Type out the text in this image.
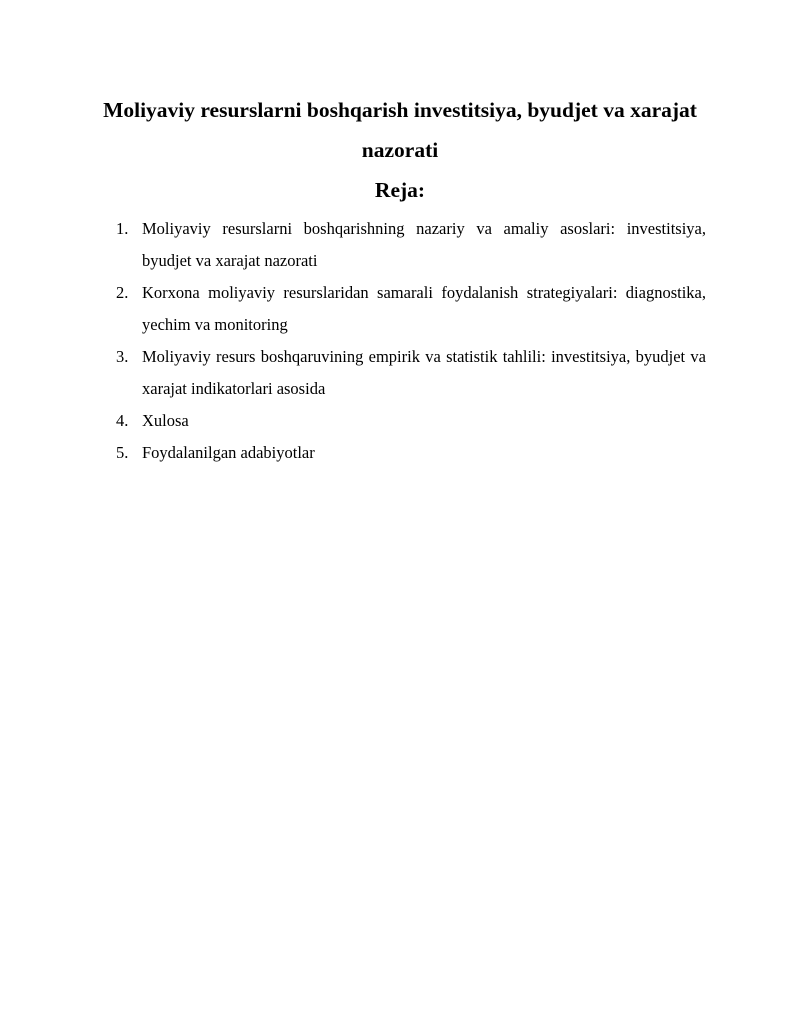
Moliyaviy resurslarni boshqarish investitsiya, byudjet va xarajat nazorati
Reja:
1. Moliyaviy resurslarni boshqarishning nazariy va amaliy asoslari: investitsiya, byudjet va xarajat nazorati
2. Korxona moliyaviy resurslaridan samarali foydalanish strategiyalari: diagnostika, yechim va monitoring
3. Moliyaviy resurs boshqaruvining empirik va statistik tahlili: investitsiya, byudjet va xarajat indikatorlari asosida
4. Xulosa
5. Foydalanilgan adabiyotlar
